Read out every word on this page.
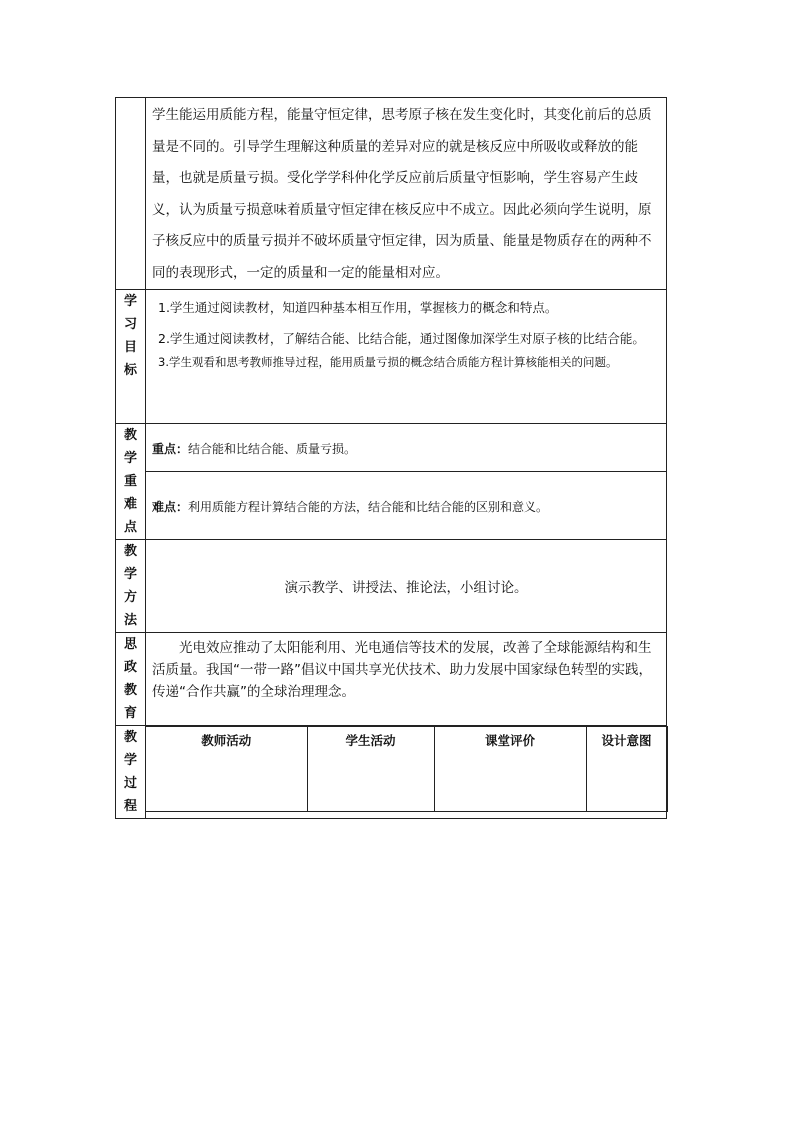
	学生能运用质能方程，能量守恒定律，思考原子核在发生变化时，其变化前后的总质量是不同的。引导学生理解这种质量的差异对应的就是核反应中所吸收或释放的能量，也就是质量亏损。受化学学科仲化学反应前后质量守恒影响，学生容易产生歧义，认为质量亏损意味着质量守恒定律在核反应中不成立。因此必须向学生说明，原子核反应中的质量亏损并不破坏质量守恒定律，因为质量、能量是物质存在的两种不同的表现形式，一定的质量和一定的能量相对应。

学
习
目
标

1.学生通过阅读教材，知道四种基本相互作用，掌握核力的概念和特点。
2.学生通过阅读教材，了解结合能、比结合能，通过图像加深学生对原子核的比结合能。
3.学生观看和思考教师推导过程，能用质量亏损的概念结合质能方程计算核能相关的问题。

教
学
重
难
点
	重点：结合能和比结合能、质量亏损。
难点：利用质能方程计算结合能的方法，结合能和比结合能的区别和意义。

教
学
方
法
	演示教学、讲授法、推论法，小组讨论。

思
政
教
育
	光电效应推动了太阳能利用、光电通信等技术的发展，改善了全球能源结构和生活质量。我国“一带一路”倡议中国共享光伏技术、助力发展中国家绿色转型的实践，传递“合作共赢”的全球治理理念。

教
学
过
程

教师活动	学生活动	课堂评价	设计意图
